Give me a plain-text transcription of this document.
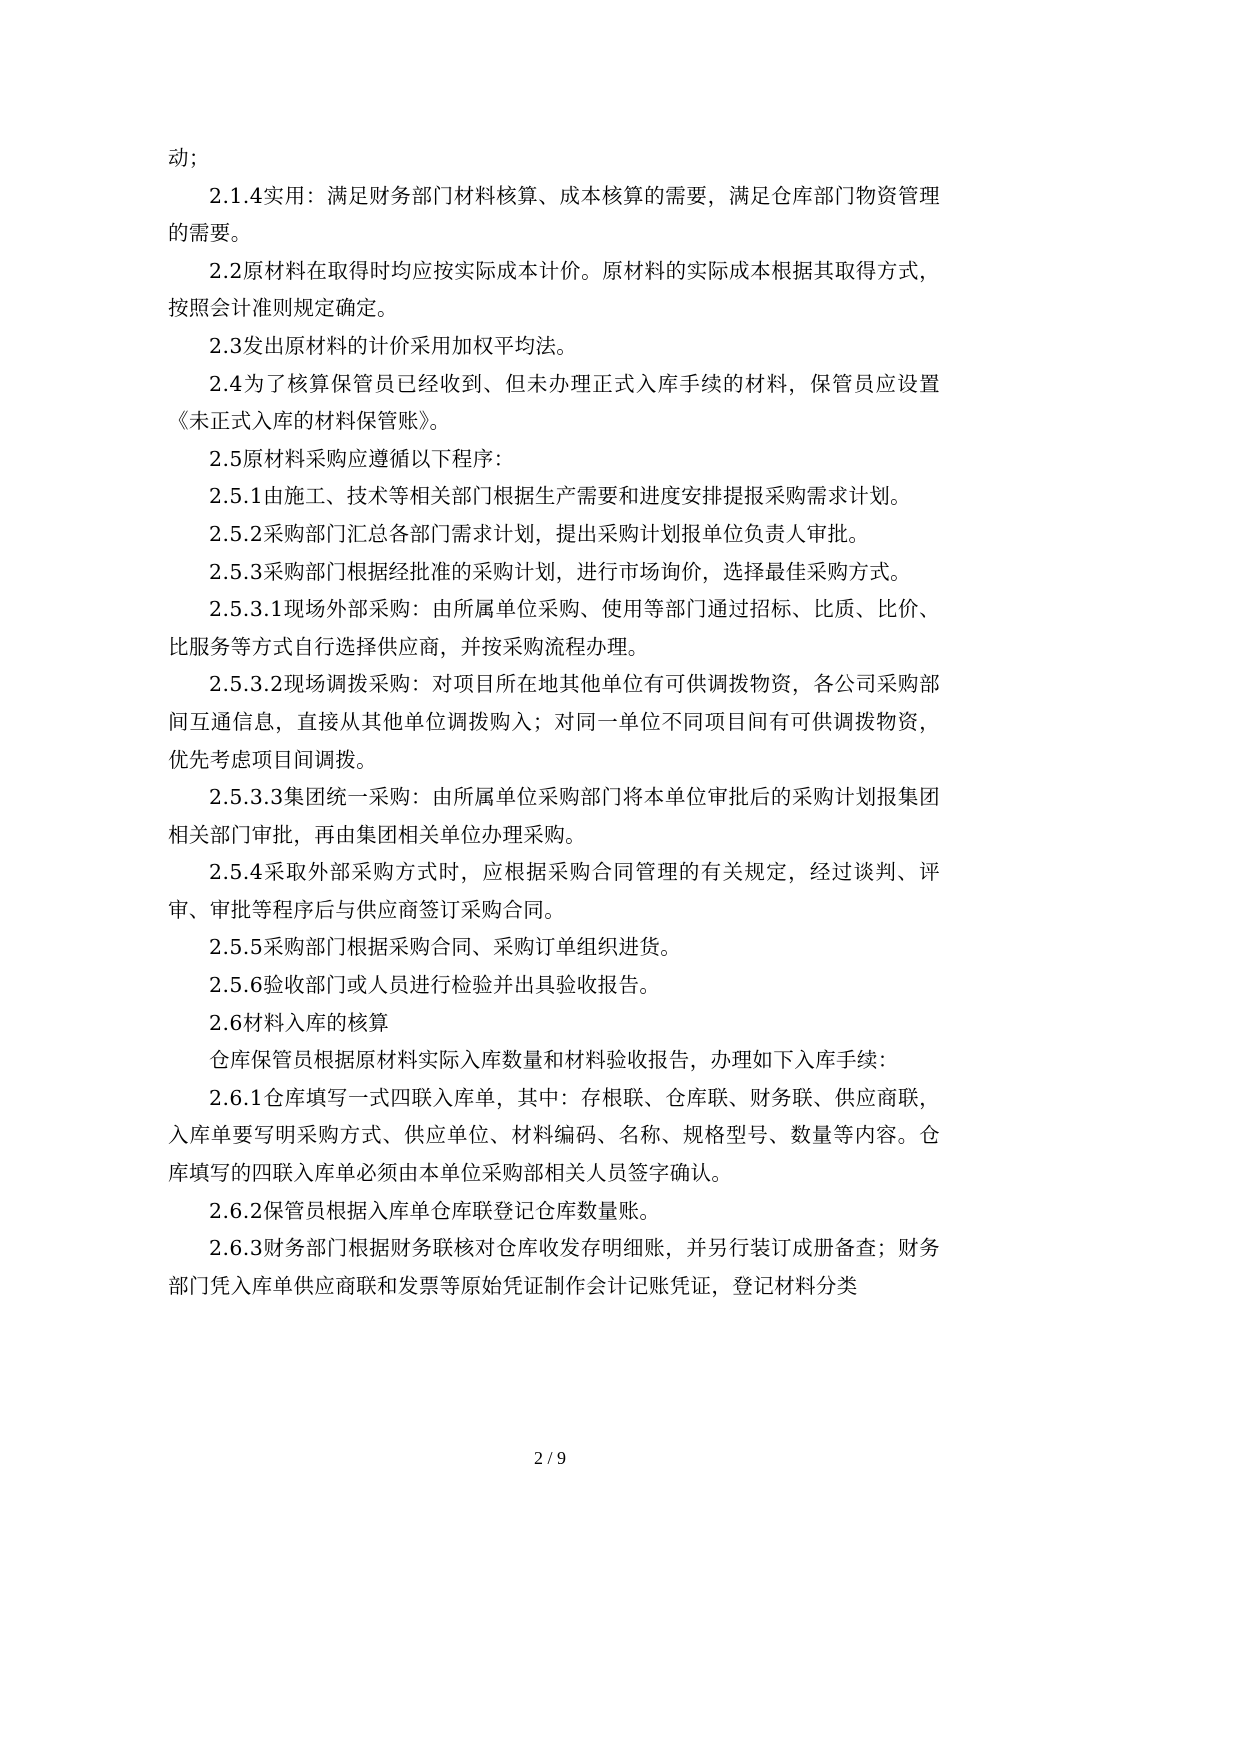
动；

2.1.4实用：满足财务部门材料核算、成本核算的需要，满足仓库部门物资管理的需要。

2.2原材料在取得时均应按实际成本计价。原材料的实际成本根据其取得方式，按照会计准则规定确定。

2.3发出原材料的计价采用加权平均法。

2.4为了核算保管员已经收到、但未办理正式入库手续的材料，保管员应设置《未正式入库的材料保管账》。

2.5原材料采购应遵循以下程序：

2.5.1由施工、技术等相关部门根据生产需要和进度安排提报采购需求计划。

2.5.2采购部门汇总各部门需求计划，提出采购计划报单位负责人审批。

2.5.3采购部门根据经批准的采购计划，进行市场询价，选择最佳采购方式。

2.5.3.1现场外部采购：由所属单位采购、使用等部门通过招标、比质、比价、比服务等方式自行选择供应商，并按采购流程办理。

2.5.3.2现场调拨采购：对项目所在地其他单位有可供调拨物资，各公司采购部间互通信息，直接从其他单位调拨购入；对同一单位不同项目间有可供调拨物资，优先考虑项目间调拨。

2.5.3.3集团统一采购：由所属单位采购部门将本单位审批后的采购计划报集团相关部门审批，再由集团相关单位办理采购。

2.5.4采取外部采购方式时，应根据采购合同管理的有关规定，经过谈判、评审、审批等程序后与供应商签订采购合同。

2.5.5采购部门根据采购合同、采购订单组织进货。

2.5.6验收部门或人员进行检验并出具验收报告。

2.6材料入库的核算

仓库保管员根据原材料实际入库数量和材料验收报告，办理如下入库手续：

2.6.1仓库填写一式四联入库单，其中：存根联、仓库联、财务联、供应商联，入库单要写明采购方式、供应单位、材料编码、名称、规格型号、数量等内容。仓库填写的四联入库单必须由本单位采购部相关人员签字确认。

2.6.2保管员根据入库单仓库联登记仓库数量账。

2.6.3财务部门根据财务联核对仓库收发存明细账，并另行装订成册备查；财务部门凭入库单供应商联和发票等原始凭证制作会计记账凭证，登记材料分类

2 / 9
